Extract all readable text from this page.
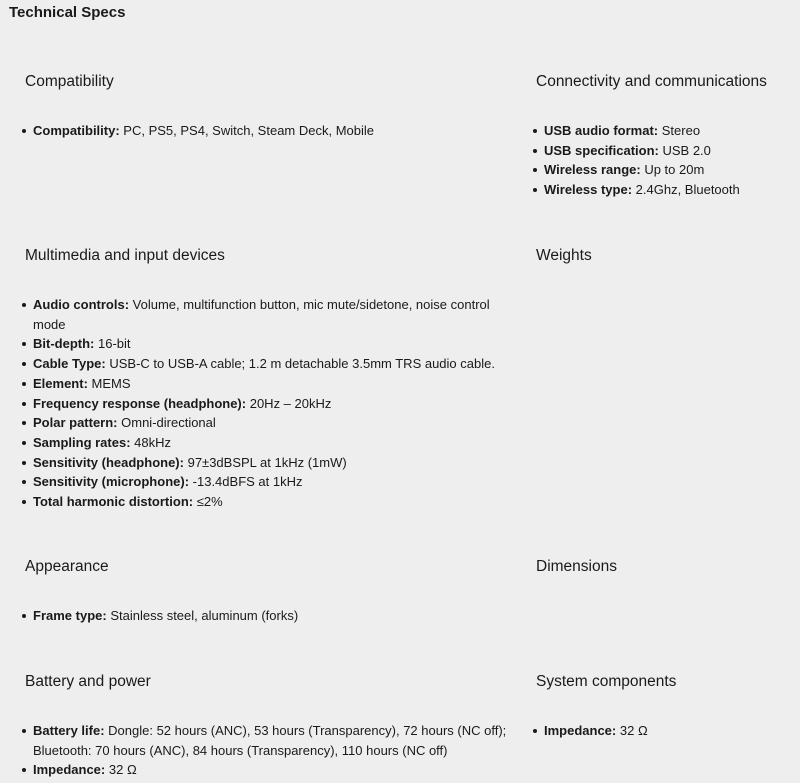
Technical Specs
Compatibility
Compatibility: PC, PS5, PS4, Switch, Steam Deck, Mobile
Connectivity and communications
USB audio format: Stereo
USB specification: USB 2.0
Wireless range: Up to 20m
Wireless type: 2.4Ghz, Bluetooth
Multimedia and input devices
Audio controls: Volume, multifunction button, mic mute/sidetone, noise control mode
Bit-depth: 16-bit
Cable Type: USB-C to USB-A cable; 1.2 m detachable 3.5mm TRS audio cable.
Element: MEMS
Frequency response (headphone): 20Hz – 20kHz
Polar pattern: Omni-directional
Sampling rates: 48kHz
Sensitivity (headphone): 97±3dBSPL at 1kHz (1mW)
Sensitivity (microphone): -13.4dBFS at 1kHz
Total harmonic distortion: ≤2%
Weights
Appearance
Frame type: Stainless steel, aluminum (forks)
Dimensions
Battery and power
Battery life: Dongle: 52 hours (ANC), 53 hours (Transparency), 72 hours (NC off); Bluetooth: 70 hours (ANC), 84 hours (Transparency), 110 hours (NC off)
Impedance: 32 Ω
System components
Impedance: 32 Ω
